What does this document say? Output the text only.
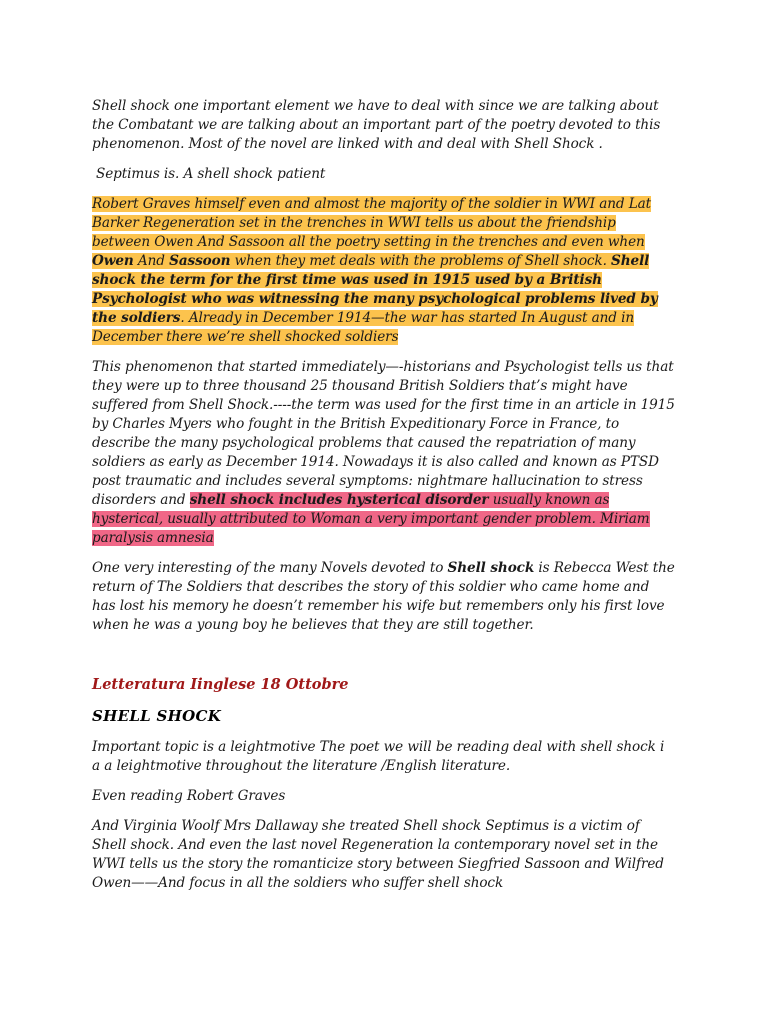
Shell shock one important element we have to deal with since we are talking about the Combatant we are talking about an important part of the poetry devoted to this phenomenon. Most of the novel are linked with and deal with Shell Shock .

Septimus is. A shell shock patient

Robert Graves himself even and almost the majority of the soldier in WWI and Lat Barker Regeneration set in the trenches in WWI tells us about the friendship between Owen And Sassoon all the poetry setting in the trenches and even when Owen And Sassoon when they met deals with the problems of Shell shock. Shell shock the term for the first time was used in 1915 used by a British Psychologist who was witnessing the many psychological problems lived by the soldiers. Already in December 1914—the war has started In August and in December there we’re shell shocked soldiers

This phenomenon that started immediately—-historians and Psychologist tells us that they were up to three thousand 25 thousand British Soldiers that’s might have suffered from Shell Shock.----the term was used for the first time in an article in 1915 by Charles Myers who fought in the British Expeditionary Force in France, to describe the many psychological problems that caused the repatriation of many soldiers as early as December 1914. Nowadays it is also called and known as PTSD post traumatic and includes several symptoms: nightmare hallucination to stress disorders and shell shock includes hysterical disorder usually known as hysterical, usually attributed to Woman a very important gender problem. Miriam paralysis amnesia

One very interesting of the many Novels devoted to Shell shock is Rebecca West the return of The Soldiers that describes the story of this soldier who came home and has lost his memory he doesn’t remember his wife but remembers only his first love when he was a young boy he believes that they are still together.

Letteratura Iinglese 18 Ottobre
SHELL SHOCK

Important topic is a leightmotive The poet we will be reading deal with shell shock i a a leightmotive throughout the literature /English literature.

Even reading Robert Graves

And Virginia Woolf Mrs Dallaway she treated Shell shock Septimus is a victim of Shell shock. And even the last novel Regeneration la contemporary novel set in the WWI tells us the story the romanticize story between Siegfried Sassoon and Wilfred Owen——And focus in all the soldiers who suffer shell shock
